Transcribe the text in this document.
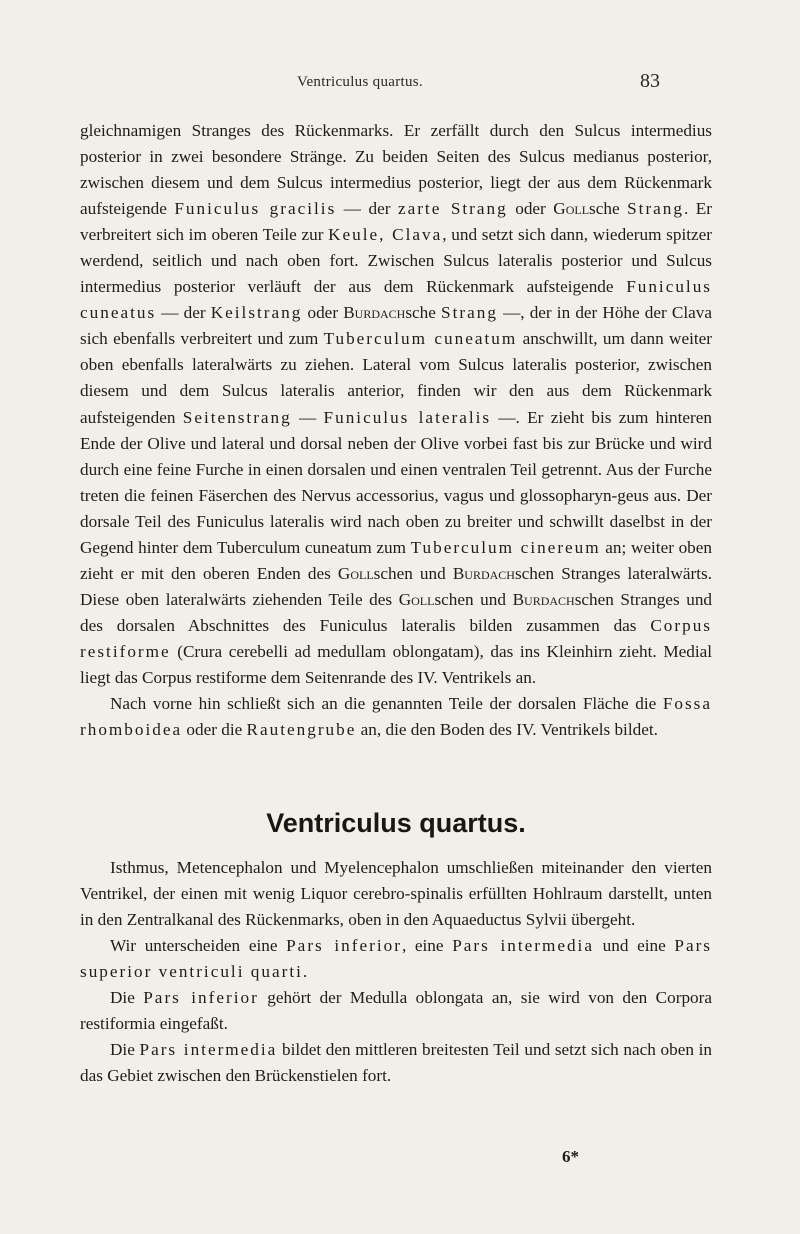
Ventriculus quartus.	83

gleichnamigen Stranges des Rückenmarks. Er zerfällt durch den Sulcus intermedius posterior in zwei besondere Stränge. Zu beiden Seiten des Sulcus medianus posterior, zwischen diesem und dem Sulcus intermedius posterior, liegt der aus dem Rückenmark aufsteigende Funiculus gracilis — der zarte Strang oder Gollsche Strang. Er verbreitert sich im oberen Teile zur Keule, Clava, und setzt sich dann, wiederum spitzer werdend, seitlich und nach oben fort. Zwischen Sulcus lateralis posterior und Sulcus intermedius posterior verläuft der aus dem Rückenmark aufsteigende Funiculus cuneatus — der Keilstrang oder Burdachsche Strang —, der in der Höhe der Clava sich ebenfalls verbreitert und zum Tuberculum cuneatum anschwillt, um dann weiter oben ebenfalls lateralwärts zu ziehen. Lateral vom Sulcus lateralis posterior, zwischen diesem und dem Sulcus lateralis anterior, finden wir den aus dem Rückenmark aufsteigenden Seitenstrang — Funiculus lateralis —. Er zieht bis zum hinteren Ende der Olive und lateral und dorsal neben der Olive vorbei fast bis zur Brücke und wird durch eine feine Furche in einen dorsalen und einen ventralen Teil getrennt. Aus der Furche treten die feinen Fäserchen des Nervus accessorius, vagus und glossopharyn-geus aus. Der dorsale Teil des Funiculus lateralis wird nach oben zu breiter und schwillt daselbst in der Gegend hinter dem Tuberculum cuneatum zum Tuberculum cinereum an; weiter oben zieht er mit den oberen Enden des Gollschen und Burdachschen Stranges lateralwärts. Diese oben lateralwärts ziehenden Teile des Gollschen und Burdachschen Stranges und des dorsalen Abschnittes des Funiculus lateralis bilden zusammen das Corpus restiforme (Crura cerebelli ad medullam oblongatam), das ins Kleinhirn zieht. Medial liegt das Corpus restiforme dem Seitenrande des IV. Ventrikels an.

Nach vorne hin schließt sich an die genannten Teile der dorsalen Fläche die Fossa rhomboidea oder die Rautengrube an, die den Boden des IV. Ventrikels bildet.

Ventriculus quartus.

Isthmus, Metencephalon und Myelencephalon umschließen miteinander den vierten Ventrikel, der einen mit wenig Liquor cerebro-spinalis erfüllten Hohlraum darstellt, unten in den Zentralkanal des Rückenmarks, oben in den Aquaeductus Sylvii übergeht.

Wir unterscheiden eine Pars inferior, eine Pars intermedia und eine Pars superior ventriculi quarti.

Die Pars inferior gehört der Medulla oblongata an, sie wird von den Corpora restiformia eingefaßt.

Die Pars intermedia bildet den mittleren breitesten Teil und setzt sich nach oben in das Gebiet zwischen den Brückenstielen fort.

6*
